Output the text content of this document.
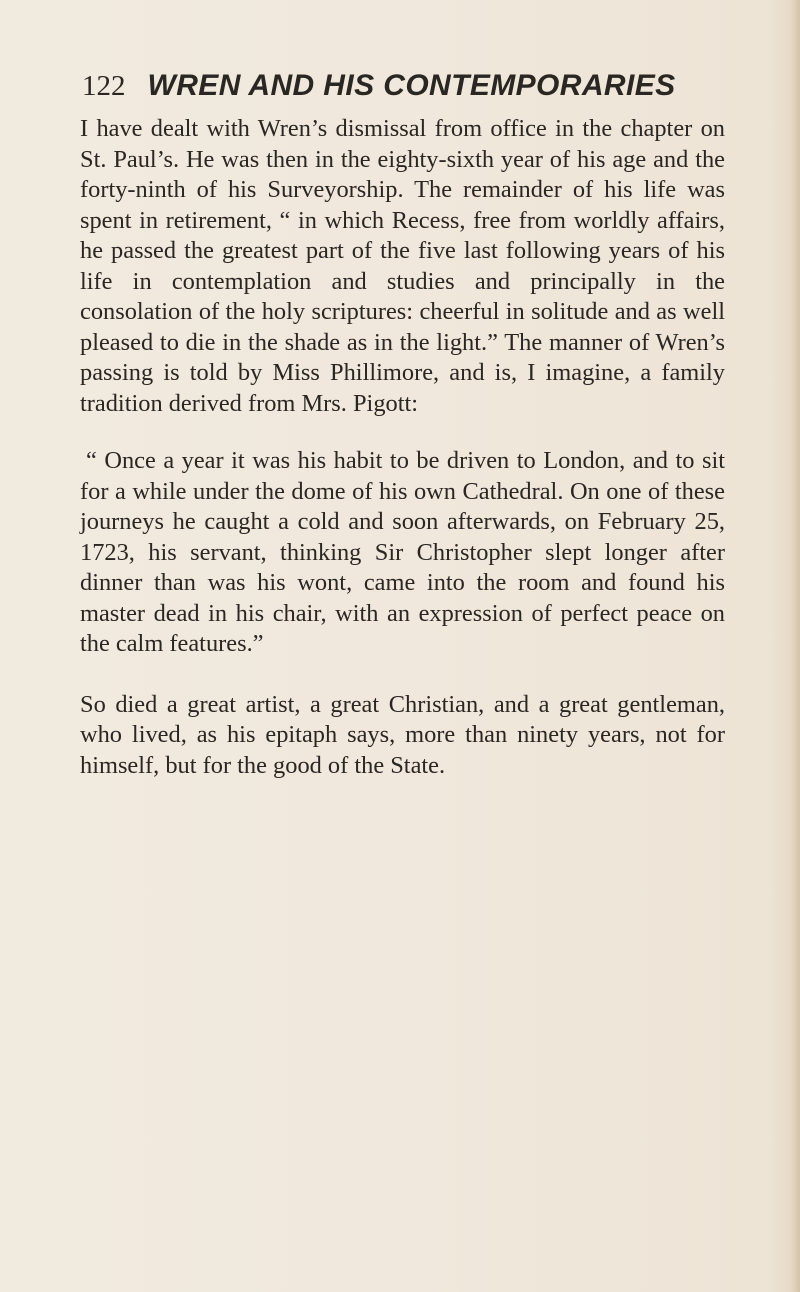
122 WREN AND HIS CONTEMPORARIES

I have dealt with Wren’s dismissal from office in the chapter on St. Paul’s. He was then in the eighty-sixth year of his age and the forty-ninth of his Surveyorship. The remainder of his life was spent in retirement, “ in which Recess, free from worldly affairs, he passed the greatest part of the five last following years of his life in contemplation and studies and principally in the consolation of the holy scriptures: cheerful in solitude and as well pleased to die in the shade as in the light.” The manner of Wren’s passing is told by Miss Phillimore, and is, I imagine, a family tradition derived from Mrs. Pigott:

“ Once a year it was his habit to be driven to London, and to sit for a while under the dome of his own Cathedral. On one of these journeys he caught a cold and soon afterwards, on February 25, 1723, his servant, thinking Sir Christopher slept longer after dinner than was his wont, came into the room and found his master dead in his chair, with an expression of perfect peace on the calm features.”

So died a great artist, a great Christian, and a great gentleman, who lived, as his epitaph says, more than ninety years, not for himself, but for the good of the State.
